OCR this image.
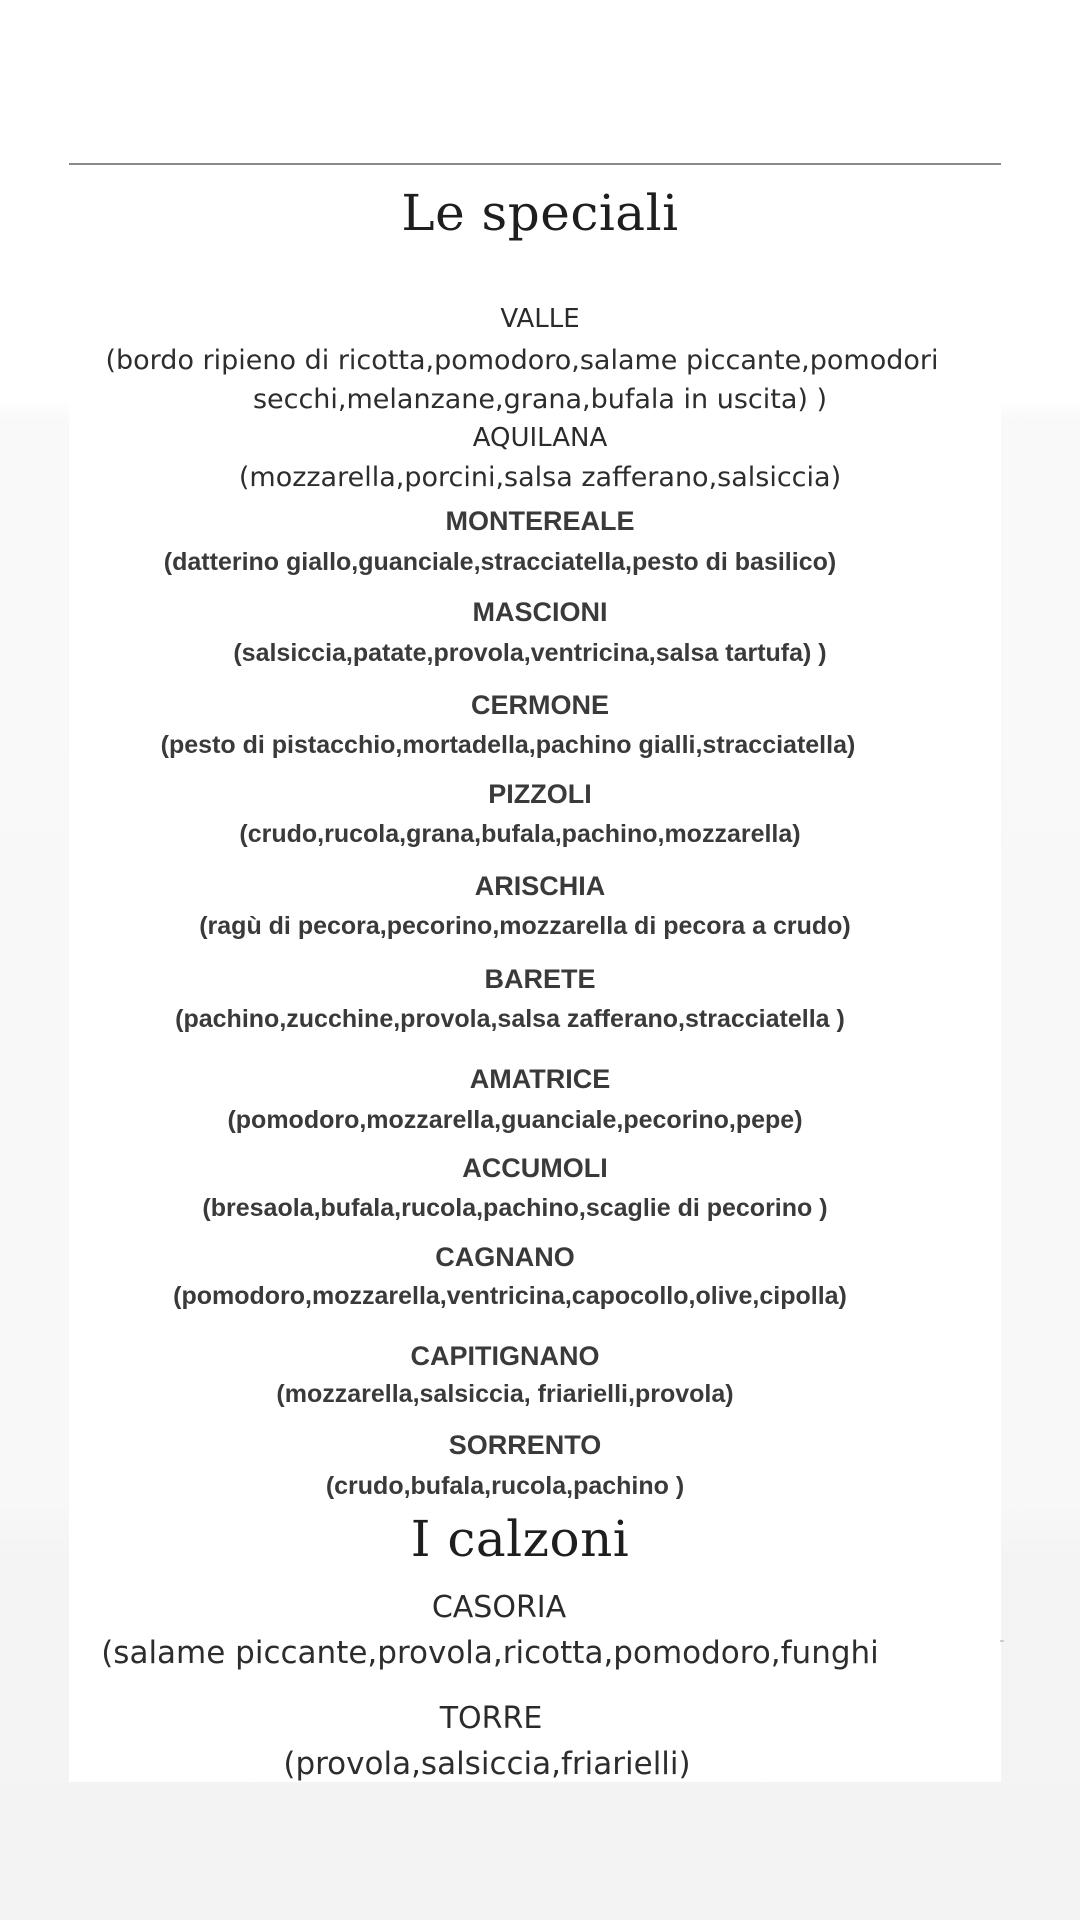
Le speciali
VALLE
(bordo ripieno di ricotta,pomodoro,salame piccante,pomodori
secchi,melanzane,grana,bufala in uscita) )
AQUILANA
(mozzarella,porcini,salsa zafferano,salsiccia)
MONTEREALE
(datterino giallo,guanciale,stracciatella,pesto di basilico)
MASCIONI
(salsiccia,patate,provola,ventricina,salsa tartufa) )
CERMONE
(pesto di pistacchio,mortadella,pachino gialli,stracciatella)
PIZZOLI
(crudo,rucola,grana,bufala,pachino,mozzarella)
ARISCHIA
(ragù di pecora,pecorino,mozzarella di pecora a crudo)
BARETE
(pachino,zucchine,provola,salsa zafferano,stracciatella )
AMATRICE
(pomodoro,mozzarella,guanciale,pecorino,pepe)
ACCUMOLI
(bresaola,bufala,rucola,pachino,scaglie di pecorino )
CAGNANO
(pomodoro,mozzarella,ventricina,capocollo,olive,cipolla)
CAPITIGNANO
(mozzarella,salsiccia, friarielli,provola)
SORRENTO
(crudo,bufala,rucola,pachino )
I calzoni
CASORIA
(salame piccante,provola,ricotta,pomodoro,funghi
TORRE
(provola,salsiccia,friarielli)
